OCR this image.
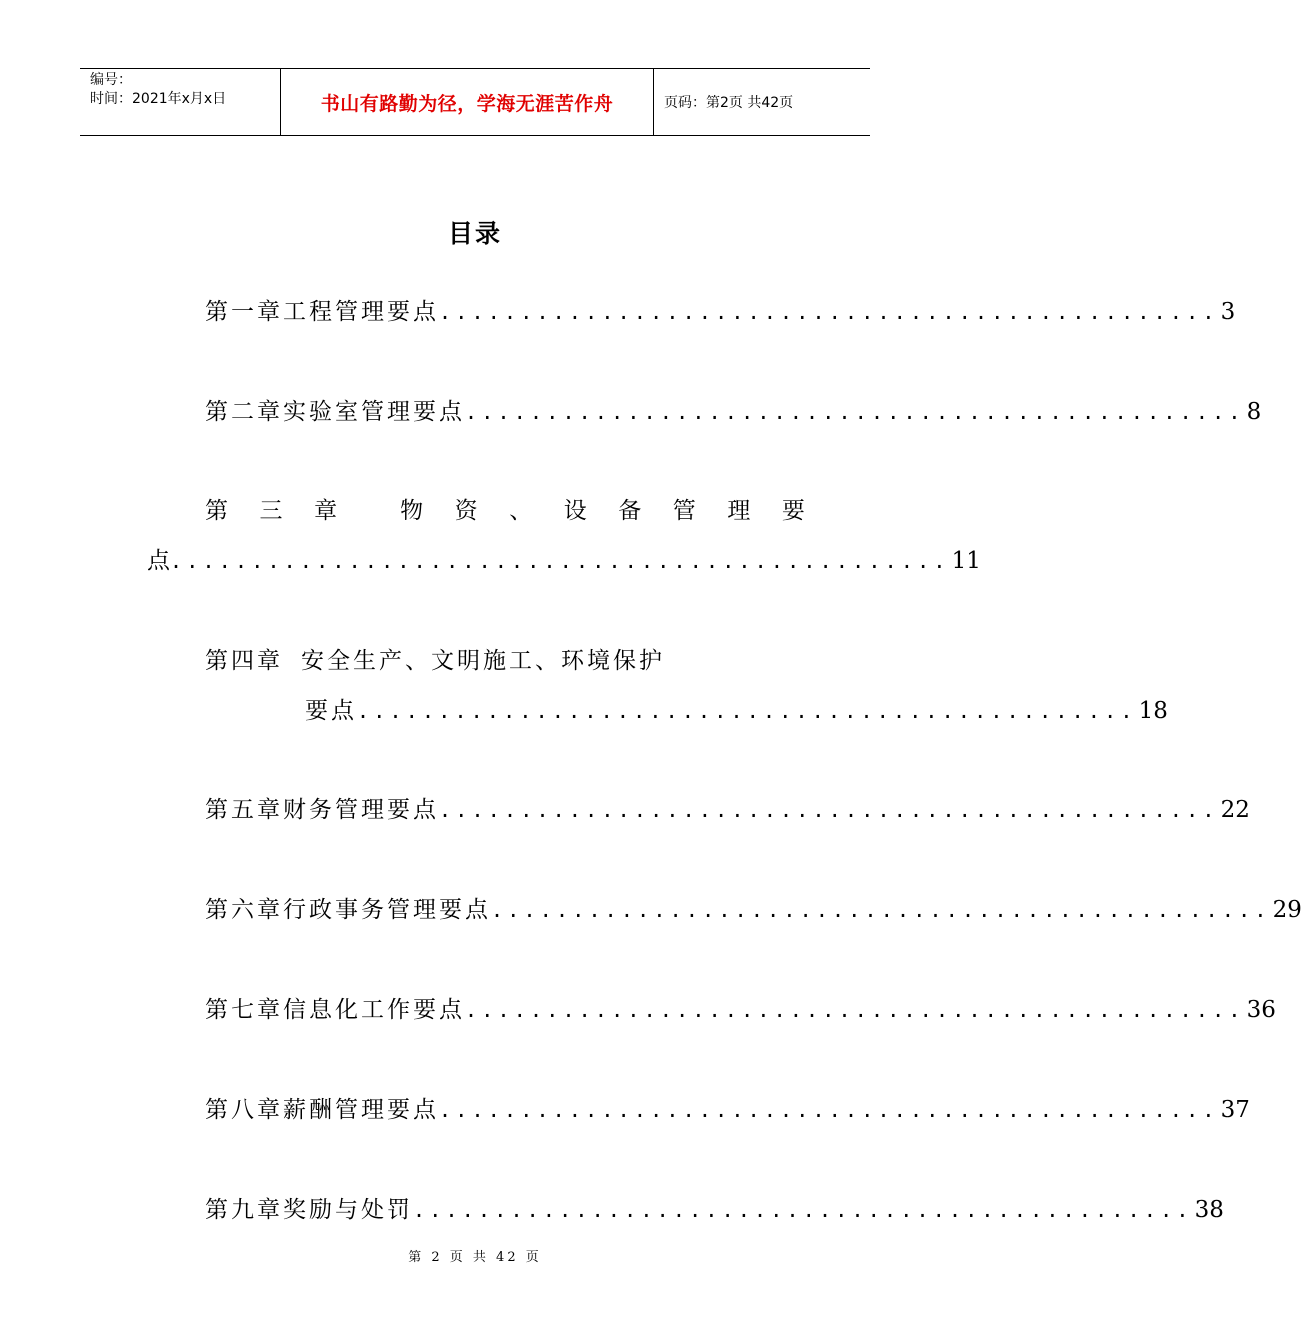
编号：
时间：2021年x月x日	书山有路勤为径，学海无涯苦作舟	页码：第2页 共42页
目录
第一章 工程管理要点 ................................................ 3
第二章 实验室管理要点 ................................................ 8
第 三 章	物 资 、 设 备 管 理 要
点 ................................................ 11
第四章 安全生产、文明施工、环境保护
要点 ................................................ 18
第五章 财务管理要点 ................................................ 22
第六章 行政事务管理要点 ................................................ 29
第七章 信息化工作要点 ................................................ 36
第八章 薪酬管理要点 ................................................ 37
第九章 奖励与处罚 ................................................ 38
第 2 页 共 42 页
